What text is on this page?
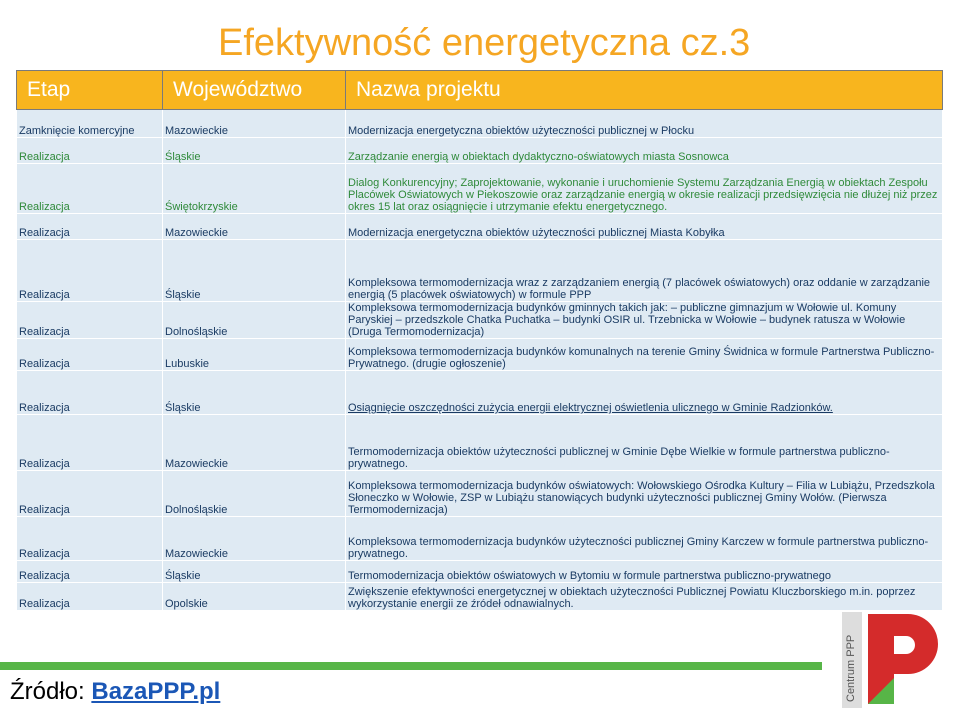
Efektywność energetyczna cz.3
Etap	Województwo	Nazwa projektu
Zamknięcie komercyjne	Mazowieckie	Modernizacja energetyczna obiektów użyteczności publicznej w Płocku
Realizacja	Śląskie	Zarządzanie energią w obiektach dydaktyczno-oświatowych miasta Sosnowca
Realizacja	Świętokrzyskie	Dialog Konkurencyjny; Zaprojektowanie, wykonanie i uruchomienie Systemu Zarządzania Energią w obiektach Zespołu Placówek Oświatowych w Piekoszowie oraz zarządzanie energią w okresie realizacji przedsięwzięcia nie dłużej niż przez okres 15 lat oraz osiągnięcie i utrzymanie efektu energetycznego.
Realizacja	Mazowieckie	Modernizacja energetyczna obiektów użyteczności publicznej Miasta Kobyłka
Realizacja	Śląskie	Kompleksowa termomodernizacja wraz z zarządzaniem energią (7 placówek oświatowych) oraz oddanie w zarządzanie energią (5 placówek oświatowych) w formule PPP
Realizacja	Dolnośląskie	Kompleksowa termomodernizacja budynków gminnych takich jak: – publiczne gimnazjum w Wołowie ul. Komuny Paryskiej – przedszkole Chatka Puchatka – budynki OSIR ul. Trzebnicka w Wołowie – budynek ratusza w Wołowie (Druga Termomodernizacja)
Realizacja	Lubuskie	Kompleksowa termomodernizacja budynków komunalnych na terenie Gminy Świdnica w formule Partnerstwa Publiczno-Prywatnego. (drugie ogłoszenie)
Realizacja	Śląskie	Osiągnięcie oszczędności zużycia energii elektrycznej oświetlenia ulicznego w Gminie Radzionków.
Realizacja	Mazowieckie	Termomodernizacja obiektów użyteczności publicznej w Gminie Dębe Wielkie w formule partnerstwa publiczno-prywatnego.
Realizacja	Dolnośląskie	Kompleksowa termomodernizacja budynków oświatowych: Wołowskiego Ośrodka Kultury – Filia w Lubiążu, Przedszkola Słoneczko w Wołowie, ZSP w Lubiążu stanowiących budynki użyteczności publicznej Gminy Wołów. (Pierwsza Termomodernizacja)
Realizacja	Mazowieckie	Kompleksowa termomodernizacja budynków użyteczności publicznej Gminy Karczew w formule partnerstwa publiczno-prywatnego.
Realizacja	Śląskie	Termomodernizacja obiektów oświatowych w Bytomiu w formule partnerstwa publiczno-prywatnego
Realizacja	Opolskie	Zwiększenie efektywności energetycznej w obiektach użyteczności Publicznej Powiatu Kluczborskiego m.in. poprzez wykorzystanie energii ze źródeł odnawialnych.
Źródło: BazaPPP.pl	Centrum PPP
